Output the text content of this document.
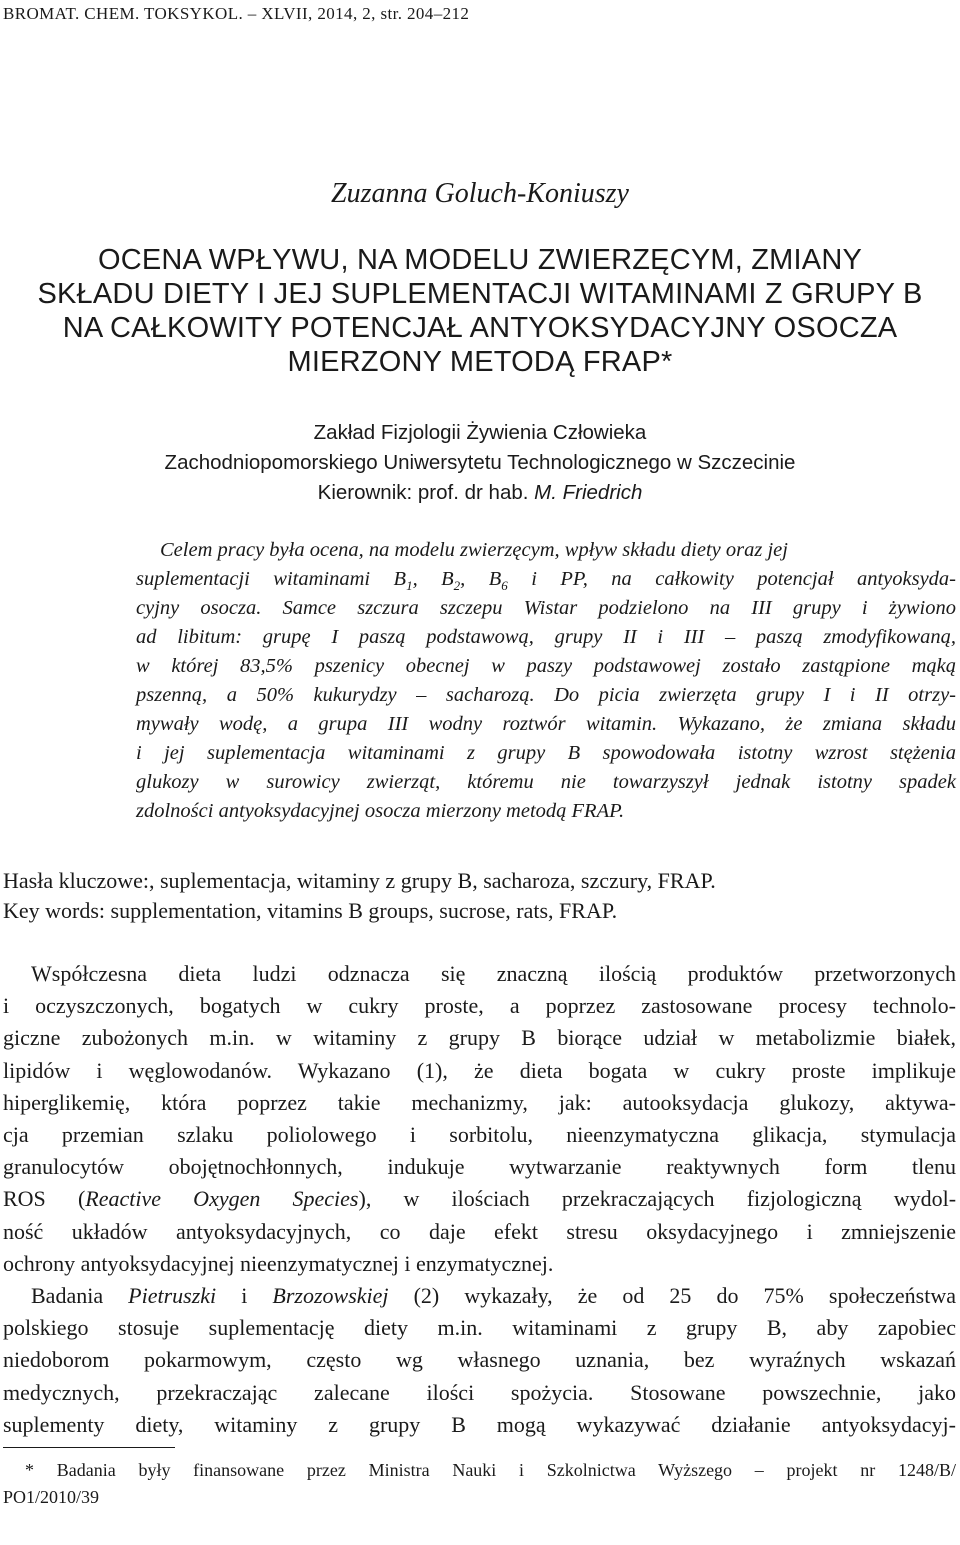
BROMAT. CHEM. TOKSYKOL. – XLVII, 2014, 2, str. 204–212
Zuzanna Goluch-Koniuszy
OCENA WPŁYWU, NA MODELU ZWIERZĘCYM, ZMIANY
SKŁADU DIETY I JEJ SUPLEMENTACJI WITAMINAMI Z GRUPY B
NA CAŁKOWITY POTENCJAŁ ANTYOKSYDACYJNY OSOCZA
MIERZONY METODĄ FRAP*
Zakład Fizjologii Żywienia Człowieka
Zachodniopomorskiego Uniwersytetu Technologicznego w Szczecinie
Kierownik: prof. dr hab. M. Friedrich
Celem pracy była ocena, na modelu zwierzęcym, wpływ składu diety oraz jej
suplementacji witaminami $B_1$, $B_2$, $B_6$ i PP, na całkowity potencjał antyoksyda-
cyjny osocza. Samce szczura szczepu Wistar podzielono na III grupy i żywiono
ad libitum: grupę I paszą podstawową, grupy II i III – paszą zmodyfikowaną,
w której 83,5% pszenicy obecnej w paszy podstawowej zostało zastąpione mąką
pszenną, a 50% kukurydzy – sacharozą. Do picia zwierzęta grupy I i II otrzy-
mywały wodę, a grupa III wodny roztwór witamin. Wykazano, że zmiana składu
i jej suplementacja witaminami z grupy B spowodowała istotny wzrost stężenia
glukozy w surowicy zwierząt, któremu nie towarzyszył jednak istotny spadek
zdolności antyoksydacyjnej osocza mierzony metodą FRAP.
Hasła kluczowe:, suplementacja, witaminy z grupy B, sacharoza, szczury, FRAP.
Key words: supplementation, vitamins B groups, sucrose, rats, FRAP.
Współczesna dieta ludzi odznacza się znaczną ilością produktów przetworzonych
i oczyszczonych, bogatych w cukry proste, a poprzez zastosowane procesy technolo-
giczne zubożonych m.in. w witaminy z grupy B biorące udział w metabolizmie białek,
lipidów i węglowodanów. Wykazano (1), że dieta bogata w cukry proste implikuje
hiperglikemię, która poprzez takie mechanizmy, jak: autooksydacja glukozy, aktywa-
cja przemian szlaku poliolowego i sorbitolu, nieenzymatyczna glikacja, stymulacja
granulocytów obojętnochłonnych, indukuje wytwarzanie reaktywnych form tlenu
ROS (Reactive Oxygen Species), w ilościach przekraczających fizjologiczną wydol-
ność układów antyoksydacyjnych, co daje efekt stresu oksydacyjnego i zmniejszenie
ochrony antyoksydacyjnej nieenzymatycznej i enzymatycznej.
Badania Pietruszki i Brzozowskiej (2) wykazały, że od 25 do 75% społeczeństwa
polskiego stosuje suplementację diety m.in. witaminami z grupy B, aby zapobiec
niedoborom pokarmowym, często wg własnego uznania, bez wyraźnych wskazań
medycznych, przekraczając zalecane ilości spożycia. Stosowane powszechnie, jako
suplementy diety, witaminy z grupy B mogą wykazywać działanie antyoksydacyj-
* Badania były finansowane przez Ministra Nauki i Szkolnictwa Wyższego – projekt nr 1248/B/
PO1/2010/39
